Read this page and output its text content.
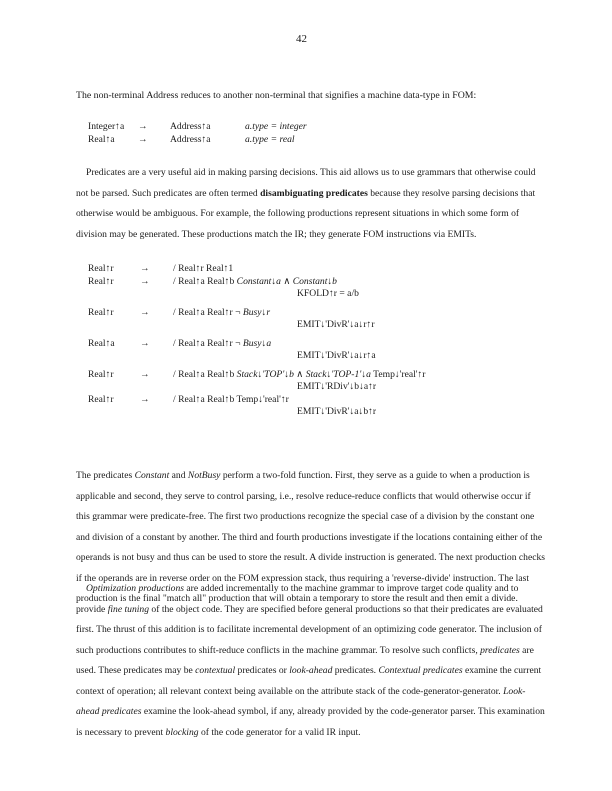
42

The non-terminal Address reduces to another non-terminal that signifies a machine data-type in FOM:

Integer↑a → Address↑a	a.type = integer
Real↑a → Address↑a	a.type = real

Predicates are a very useful aid in making parsing decisions. This aid allows us to use grammars that otherwise could not be parsed. Such predicates are often termed disambiguating predicates because they resolve parsing decisions that otherwise would be ambiguous. For example, the following productions represent situations in which some form of division may be generated. These productions match the IR; they generate FOM instructions via EMITs.

Real↑r	→ / Real↑r Real↑1
Real↑r	→ / Real↑a Real↑b Constant↓a ∧ Constant↓b
KFOLD↑r = a/b
Real↑r	→ / Real↑a Real↑r ¬ Busy↓r
EMIT↓'DivR'↓a↓r↑r
Real↑a	→ / Real↑a Real↑r ¬ Busy↓a
EMIT↓'DivR'↓a↓r↑a
Real↑r	→ / Real↑a Real↑b Stack↓'TOP'↓b ∧ Stack↓'TOP-1'↓a Temp↓'real'↑r
EMIT↓'RDiv'↓b↓a↑r
Real↑r	→ / Real↑a Real↑b Temp↓'real'↑r
EMIT↓'DivR'↓a↓b↑r

The predicates Constant and NotBusy perform a two-fold function. First, they serve as a guide to when a production is applicable and second, they serve to control parsing, i.e., resolve reduce-reduce conflicts that would otherwise occur if this grammar were predicate-free. The first two productions recognize the special case of a division by the constant one and division of a constant by another. The third and fourth productions investigate if the locations containing either of the operands is not busy and thus can be used to store the result. A divide instruction is generated. The next production checks if the operands are in reverse order on the FOM expression stack, thus requiring a 'reverse-divide' instruction. The last production is the final "match all" production that will obtain a temporary to store the result and then emit a divide.

Optimization productions are added incrementally to the machine grammar to improve target code quality and to provide fine tuning of the object code. They are specified before general productions so that their predicates are evaluated first. The thrust of this addition is to facilitate incremental development of an optimizing code generator. The inclusion of such productions contributes to shift-reduce conflicts in the machine grammar. To resolve such conflicts, predicates are used. These predicates may be contextual predicates or look-ahead predicates. Contextual predicates examine the current context of operation; all relevant context being available on the attribute stack of the code-generator-generator. Look-ahead predicates examine the look-ahead symbol, if any, already provided by the code-generator parser. This examination is necessary to prevent blocking of the code generator for a valid IR input.
